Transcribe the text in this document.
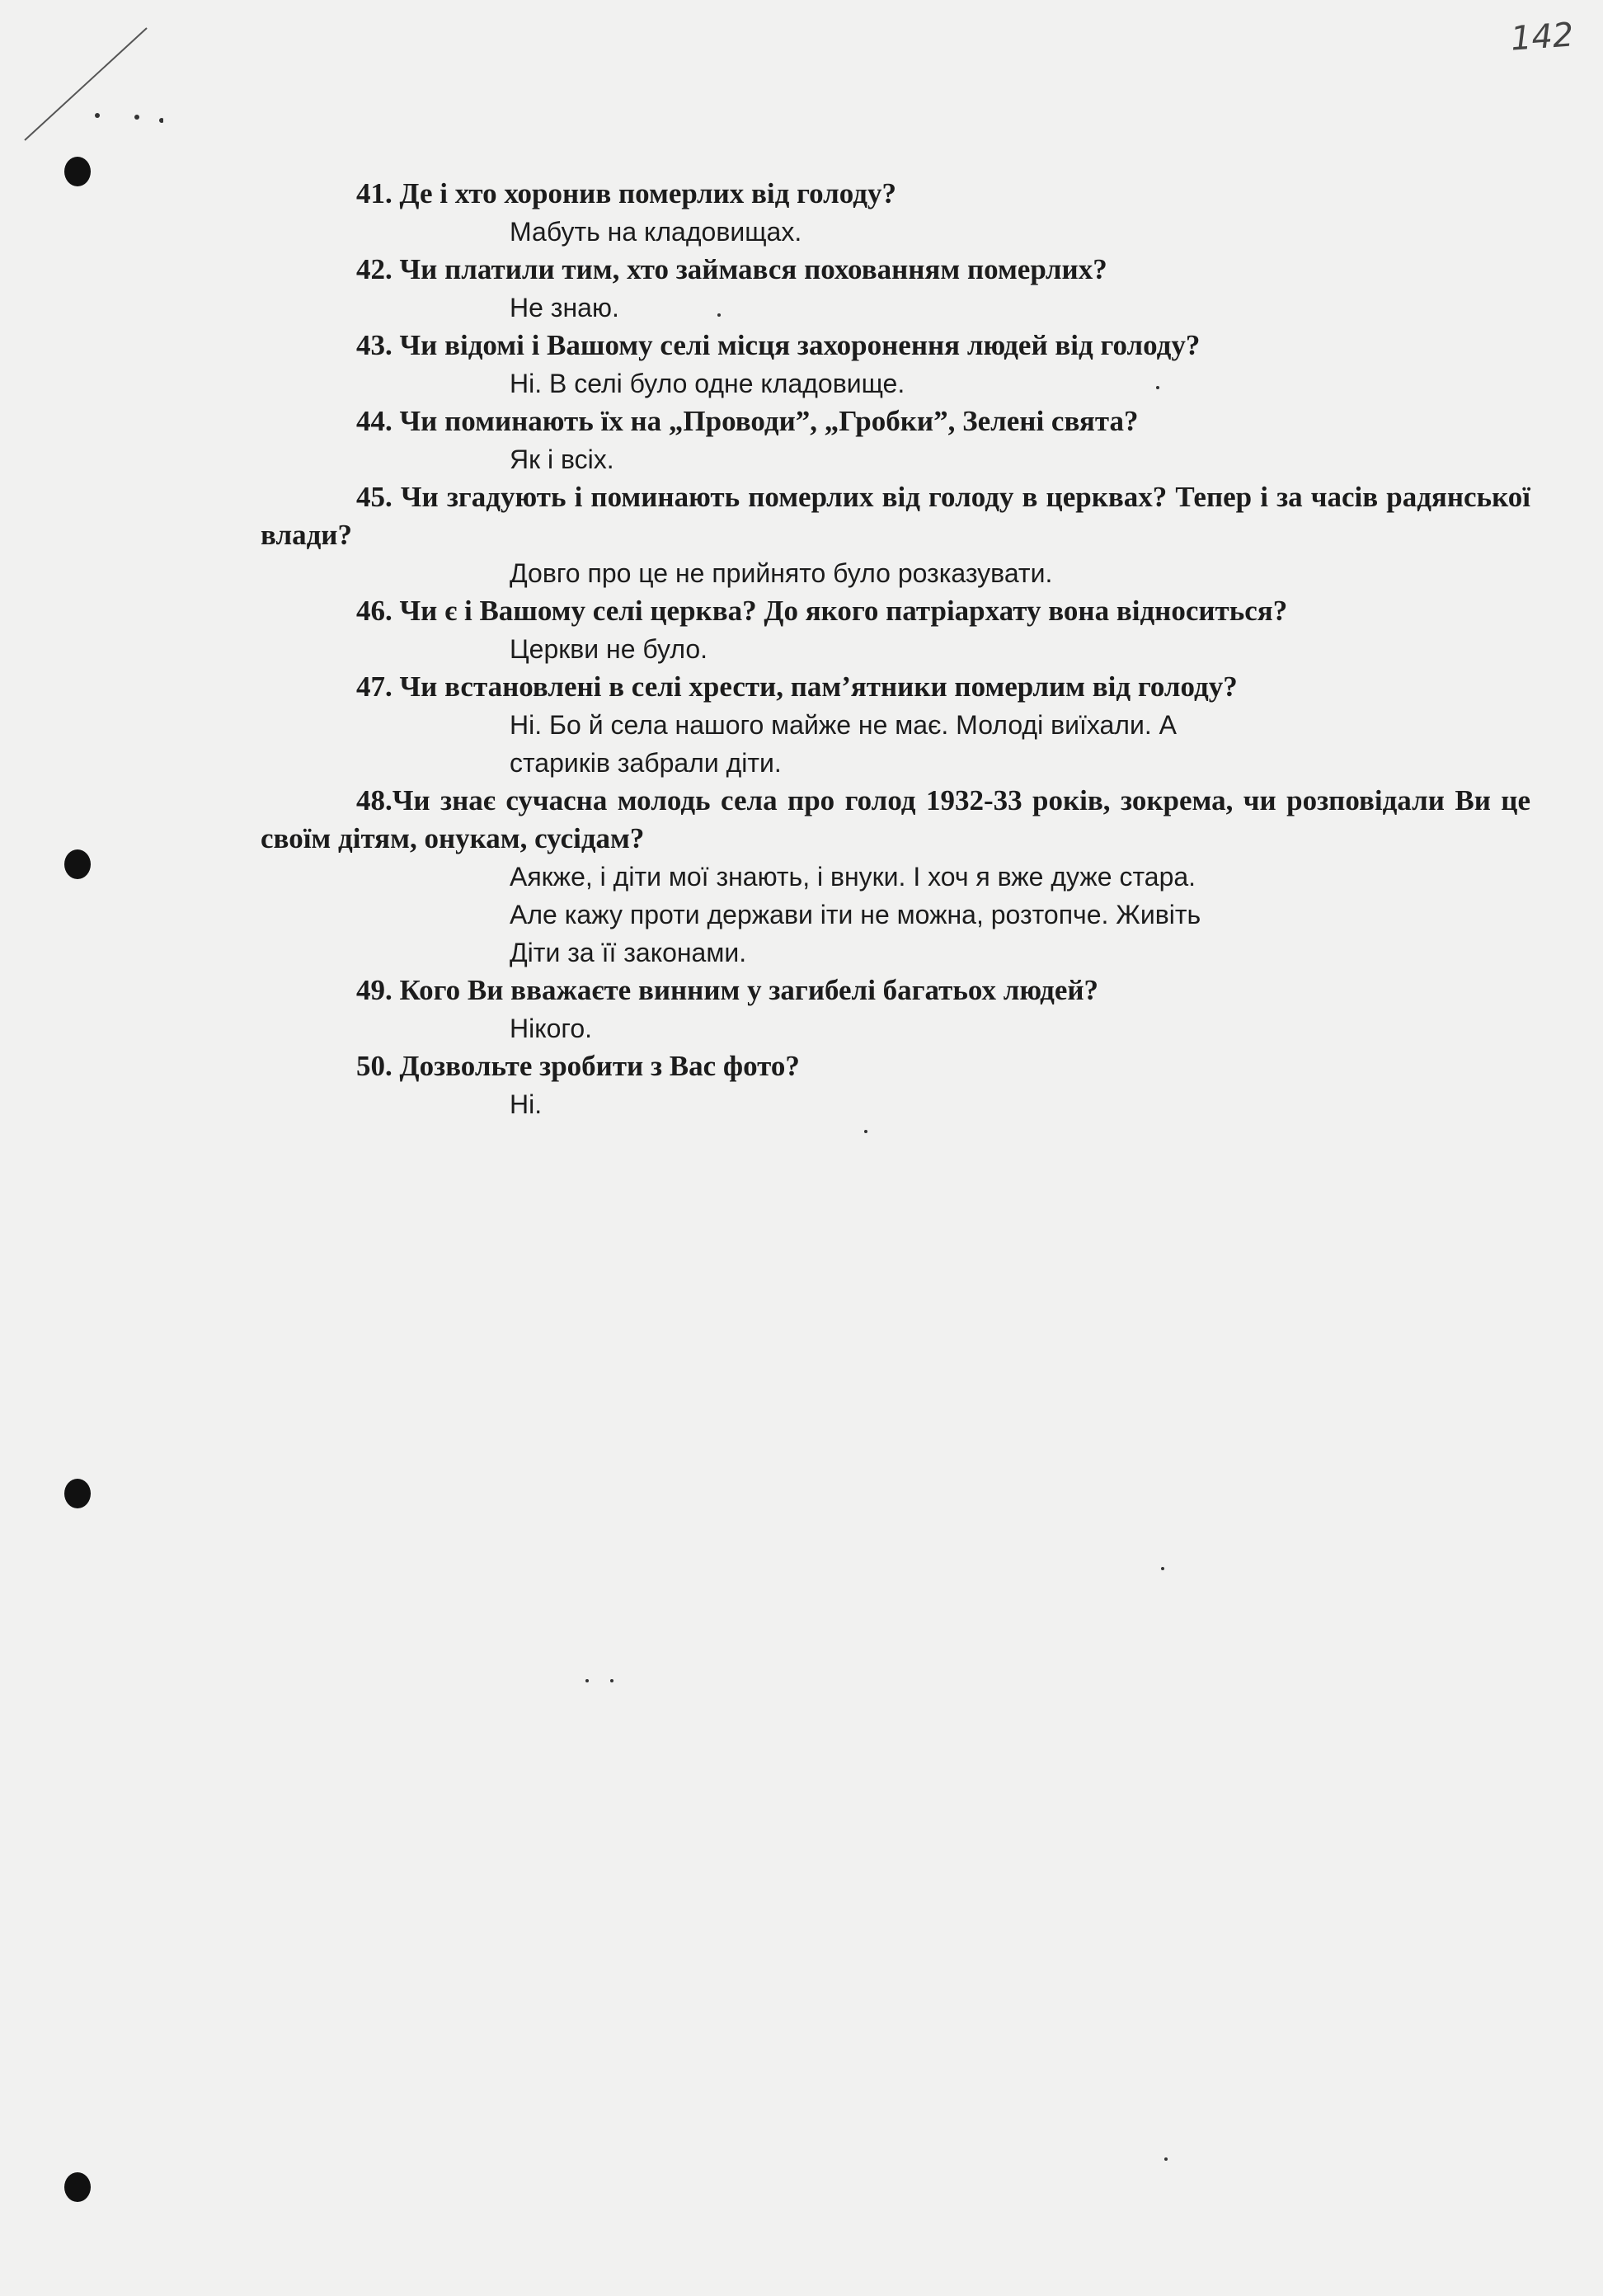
142

41. Де і хто хоронив померлих від голоду?

Мабуть на кладовищах.

42. Чи платили тим, хто займався похованням померлих?

Не знаю.

43. Чи відомі і Вашому селі місця захоронення людей від голоду?

Ні. В селі було одне кладовище.

44. Чи поминають їх на „Проводи”, „Гробки”, Зелені свята?

Як і всіх.

45. Чи згадують і поминають померлих від голоду в церквах? Тепер і за часів радянської влади?

Довго про це не прийнято було розказувати.

46. Чи є і Вашому селі церква? До якого патріархату вона відноситься?

Церкви не було.

47. Чи встановлені в селі хрести, пам’ятники померлим від голоду?

Ні. Бо й села нашого майже не має. Молоді виїхали. А

стариків забрали діти.

48.Чи знає сучасна молодь села про голод 1932-33 років, зокрема, чи розповідали Ви це своїм дітям, онукам, сусідам?

Аякже, і діти мої знають, і внуки. І хоч я вже дуже стара.

Але кажу проти держави іти не можна, розтопче. Живіть

Діти за її законами.

49. Кого Ви вважаєте винним у загибелі багатьох людей?

Нікого.

50. Дозвольте зробити з Вас фото?

Ні.
